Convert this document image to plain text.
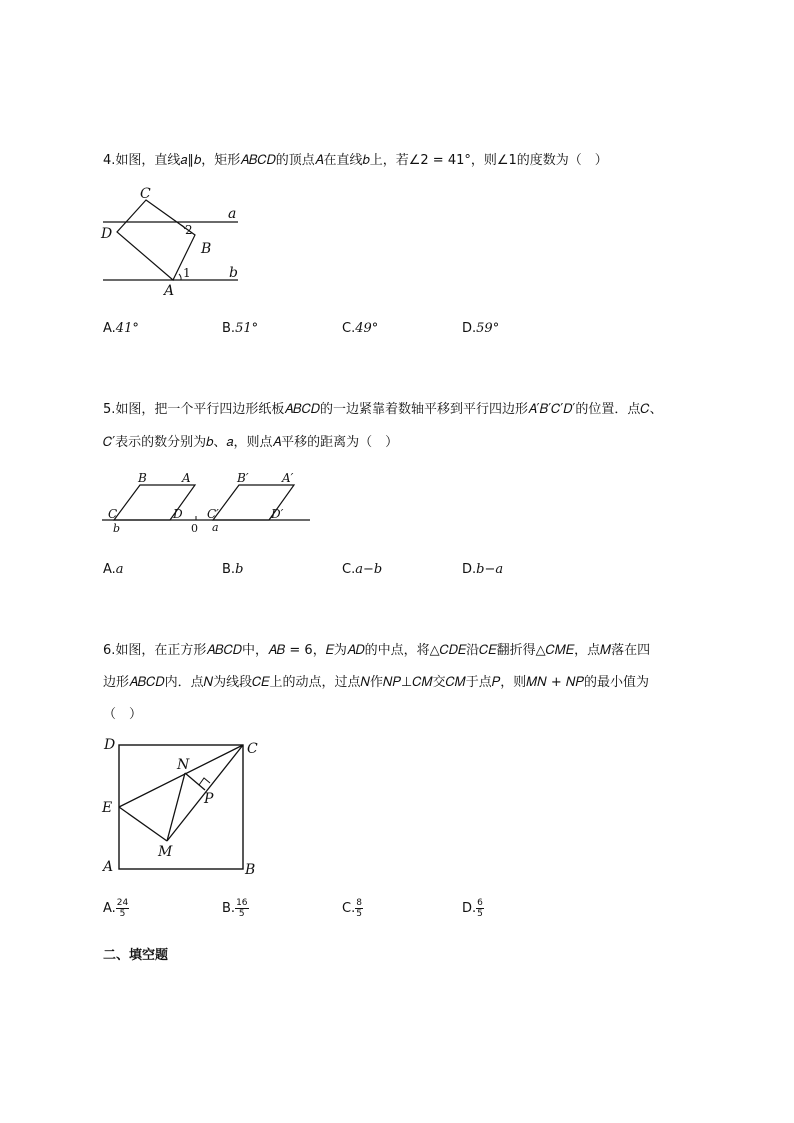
4.如图，直线𝑎∥𝑏，矩形𝐴𝐵𝐶𝐷的顶点𝐴在直线𝑏上，若∠2 = 41°，则∠1的度数为（　）
C
a
D	2
B
b
1
A
A.41°	B.51°	C.49°	D.59°
5.如图，把一个平行四边形纸板𝐴𝐵𝐶𝐷的一边紧靠着数轴平移到平行四边形𝐴′𝐵′𝐶′𝐷′的位置．点𝐶、
𝐶′表示的数分别为𝑏、𝑎，则点𝐴平移的距离为（　）
B	A	B′	A′
C	D C′	D′
b	0 a
A.𝑎	B.𝑏	C.𝑎−𝑏	D.𝑏−𝑎
6.如图，在正方形𝐴𝐵𝐶𝐷中，𝐴𝐵 = 6，𝐸为𝐴𝐷的中点，将△𝐶𝐷𝐸沿𝐶𝐸翻折得△𝐶𝑀𝐸，点𝑀落在四
边形𝐴𝐵𝐶𝐷内．点𝑁为线段𝐶𝐸上的动点，过点𝑁作𝑁𝑃⊥𝐶𝑀交𝐶𝑀于点𝑃，则𝑀𝑁 + 𝑁𝑃的最小值为
（　）
D	C
N
P
E
M
A	B
A. $\frac{24}{5}$	B. $\frac{16}{5}$	C. $\frac{8}{5}$	D. $\frac{6}{5}$
二、填空题
